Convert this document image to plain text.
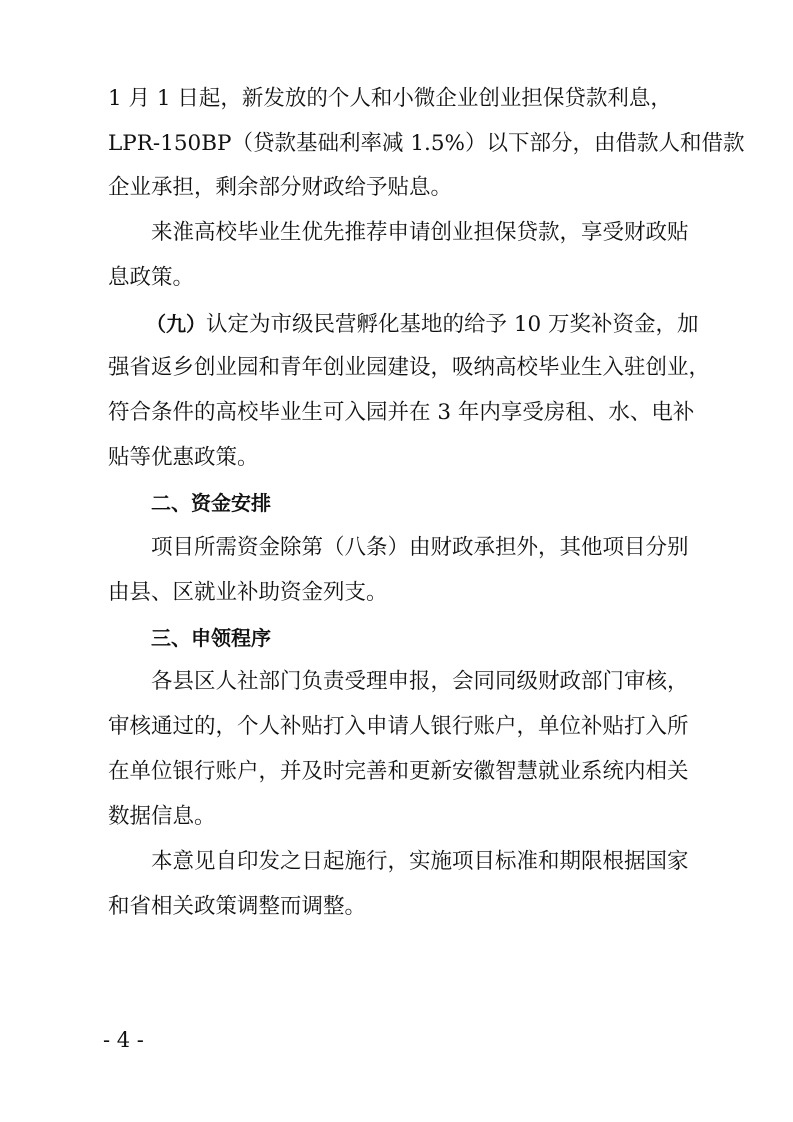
1 月 1 日起，新发放的个人和小微企业创业担保贷款利息，
LPR-150BP（贷款基础利率减 1.5%）以下部分，由借款人和借款
企业承担，剩余部分财政给予贴息。
来淮高校毕业生优先推荐申请创业担保贷款，享受财政贴
息政策。
（九）认定为市级民营孵化基地的给予 10 万奖补资金，加
强省返乡创业园和青年创业园建设，吸纳高校毕业生入驻创业，
符合条件的高校毕业生可入园并在 3 年内享受房租、水、电补
贴等优惠政策。
二、资金安排
项目所需资金除第（八条）由财政承担外，其他项目分别
由县、区就业补助资金列支。
三、申领程序
各县区人社部门负责受理申报，会同同级财政部门审核，
审核通过的，个人补贴打入申请人银行账户，单位补贴打入所
在单位银行账户，并及时完善和更新安徽智慧就业系统内相关
数据信息。
本意见自印发之日起施行，实施项目标准和期限根据国家
和省相关政策调整而调整。
- 4 -
